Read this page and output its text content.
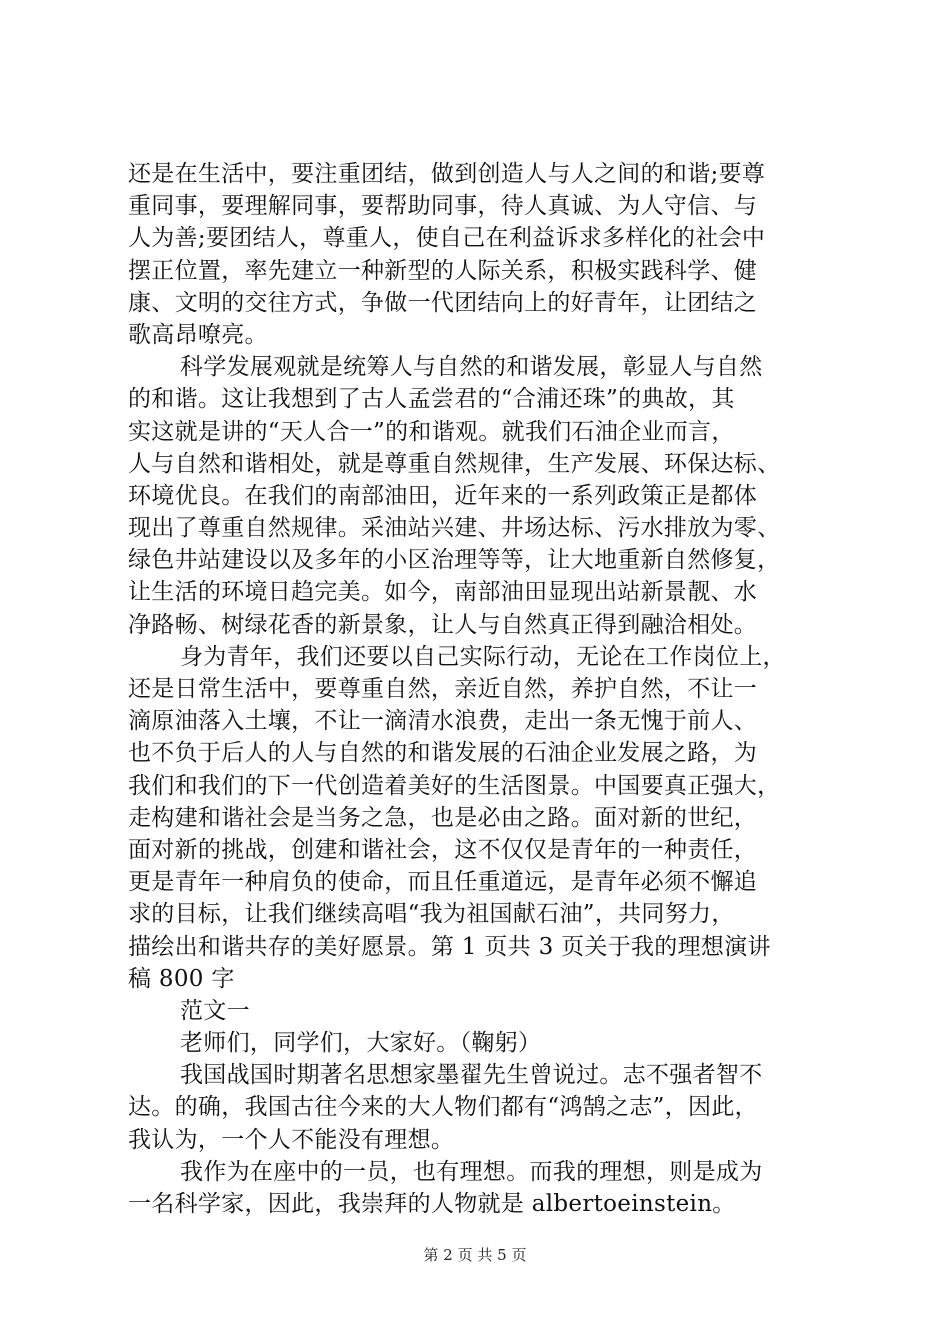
还是在生活中，要注重团结，做到创造人与人之间的和谐;要尊
重同事，要理解同事，要帮助同事，待人真诚、为人守信、与
人为善;要团结人，尊重人，使自己在利益诉求多样化的社会中
摆正位置，率先建立一种新型的人际关系，积极实践科学、健
康、文明的交往方式，争做一代团结向上的好青年，让团结之
歌高昂嘹亮。
科学发展观就是统筹人与自然的和谐发展，彰显人与自然
的和谐。这让我想到了古人孟尝君的“合浦还珠”的典故，其
实这就是讲的“天人合一”的和谐观。就我们石油企业而言，
人与自然和谐相处，就是尊重自然规律，生产发展、环保达标、
环境优良。在我们的南部油田，近年来的一系列政策正是都体
现出了尊重自然规律。采油站兴建、井场达标、污水排放为零、
绿色井站建设以及多年的小区治理等等，让大地重新自然修复，
让生活的环境日趋完美。如今，南部油田显现出站新景靓、水
净路畅、树绿花香的新景象，让人与自然真正得到融洽相处。
身为青年，我们还要以自己实际行动，无论在工作岗位上，
还是日常生活中，要尊重自然，亲近自然，养护自然，不让一
滴原油落入土壤，不让一滴清水浪费，走出一条无愧于前人、
也不负于后人的人与自然的和谐发展的石油企业发展之路，为
我们和我们的下一代创造着美好的生活图景。中国要真正强大，
走构建和谐社会是当务之急，也是必由之路。面对新的世纪，
面对新的挑战，创建和谐社会，这不仅仅是青年的一种责任，
更是青年一种肩负的使命，而且任重道远，是青年必须不懈追
求的目标，让我们继续高唱“我为祖国献石油”，共同努力，
描绘出和谐共存的美好愿景。第 1 页共 3 页关于我的理想演讲
稿 800 字
范文一
老师们，同学们，大家好。（鞠躬）
我国战国时期著名思想家墨翟先生曾说过。志不强者智不
达。的确，我国古往今来的大人物们都有“鸿鹄之志”，因此，
我认为，一个人不能没有理想。
我作为在座中的一员，也有理想。而我的理想，则是成为
一名科学家，因此，我崇拜的人物就是 albertoeinstein。
第 2 页 共 5 页
